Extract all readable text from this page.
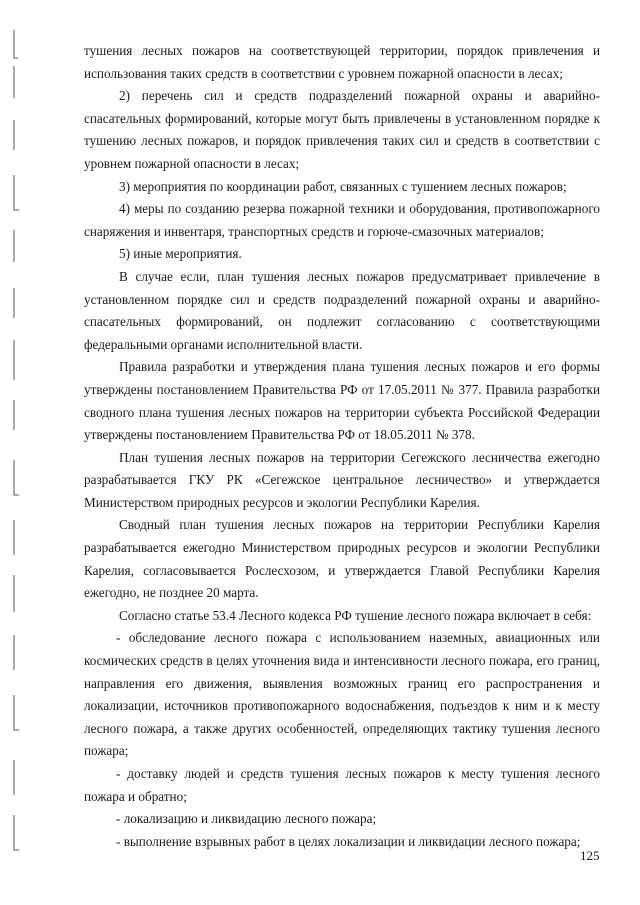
тушения лесных пожаров на соответствующей территории, порядок привлечения и использования таких средств в соответствии с уровнем пожарной опасности в лесах;

2) перечень сил и средств подразделений пожарной охраны и аварийно-спасательных формирований, которые могут быть привлечены в установленном порядке к тушению лесных пожаров, и порядок привлечения таких сил и средств в соответствии с уровнем пожарной опасности в лесах;

3) мероприятия по координации работ, связанных с тушением лесных пожаров;

4) меры по созданию резерва пожарной техники и оборудования, противопожарного снаряжения и инвентаря, транспортных средств и горюче-смазочных материалов;

5) иные мероприятия.

В случае если, план тушения лесных пожаров предусматривает привлечение в установленном порядке сил и средств подразделений пожарной охраны и аварийно-спасательных формирований, он подлежит согласованию с соответствующими федеральными органами исполнительной власти.

Правила разработки и утверждения плана тушения лесных пожаров и его формы утверждены постановлением Правительства РФ от 17.05.2011 № 377. Правила разработки сводного плана тушения лесных пожаров на территории субъекта Российской Федерации утверждены постановлением Правительства РФ от 18.05.2011 № 378.

План тушения лесных пожаров на территории Сегежского лесничества ежегодно разрабатывается ГКУ РК «Сегежское центральное лесничество» и утверждается Министерством природных ресурсов и экологии Республики Карелия.

Сводный план тушения лесных пожаров на территории Республики Карелия разрабатывается ежегодно Министерством природных ресурсов и экологии Республики Карелия, согласовывается Рослесхозом, и утверждается Главой Республики Карелия ежегодно, не позднее 20 марта.

Согласно статье 53.4 Лесного кодекса РФ тушение лесного пожара включает в себя:

- обследование лесного пожара с использованием наземных, авиационных или космических средств в целях уточнения вида и интенсивности лесного пожара, его границ, направления его движения, выявления возможных границ его распространения и локализации, источников противопожарного водоснабжения, подъездов к ним и к месту лесного пожара, а также других особенностей, определяющих тактику тушения лесного пожара;

- доставку людей и средств тушения лесных пожаров к месту тушения лесного пожара и обратно;

- локализацию и ликвидацию лесного пожара;

- выполнение взрывных работ в целях локализации и ликвидации лесного пожара;

125
